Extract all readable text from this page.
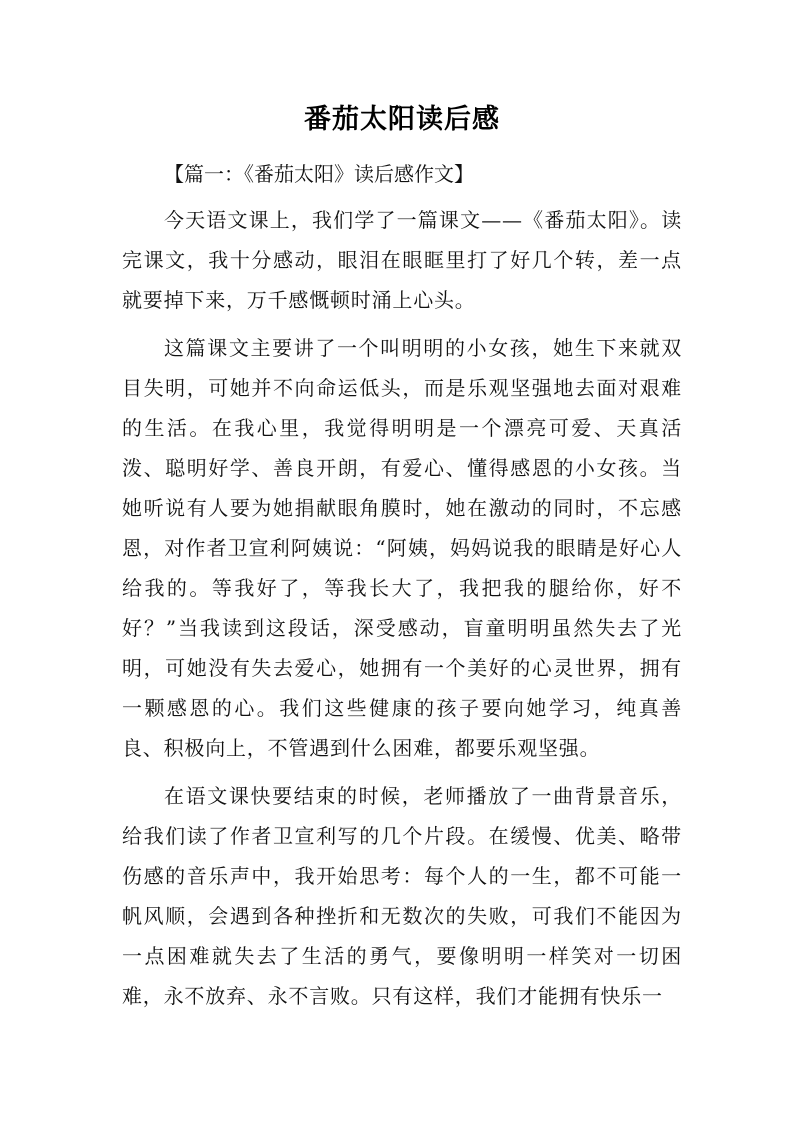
番茄太阳读后感

【篇一：《番茄太阳》读后感作文】

今天语文课上，我们学了一篇课文——《番茄太阳》。读完课文，我十分感动，眼泪在眼眶里打了好几个转，差一点就要掉下来，万千感慨顿时涌上心头。

这篇课文主要讲了一个叫明明的小女孩，她生下来就双目失明，可她并不向命运低头，而是乐观坚强地去面对艰难的生活。在我心里，我觉得明明是一个漂亮可爱、天真活泼、聪明好学、善良开朗，有爱心、懂得感恩的小女孩。当她听说有人要为她捐献眼角膜时，她在激动的同时，不忘感恩，对作者卫宣利阿姨说：“阿姨，妈妈说我的眼睛是好心人给我的。等我好了，等我长大了，我把我的腿给你，好不好？”当我读到这段话，深受感动，盲童明明虽然失去了光明，可她没有失去爱心，她拥有一个美好的心灵世界，拥有一颗感恩的心。我们这些健康的孩子要向她学习，纯真善良、积极向上，不管遇到什么困难，都要乐观坚强。

在语文课快要结束的时候，老师播放了一曲背景音乐，给我们读了作者卫宣利写的几个片段。在缓慢、优美、略带伤感的音乐声中，我开始思考：每个人的一生，都不可能一帆风顺，会遇到各种挫折和无数次的失败，可我们不能因为一点困难就失去了生活的勇气，要像明明一样笑对一切困难，永不放弃、永不言败。只有这样，我们才能拥有快乐一
